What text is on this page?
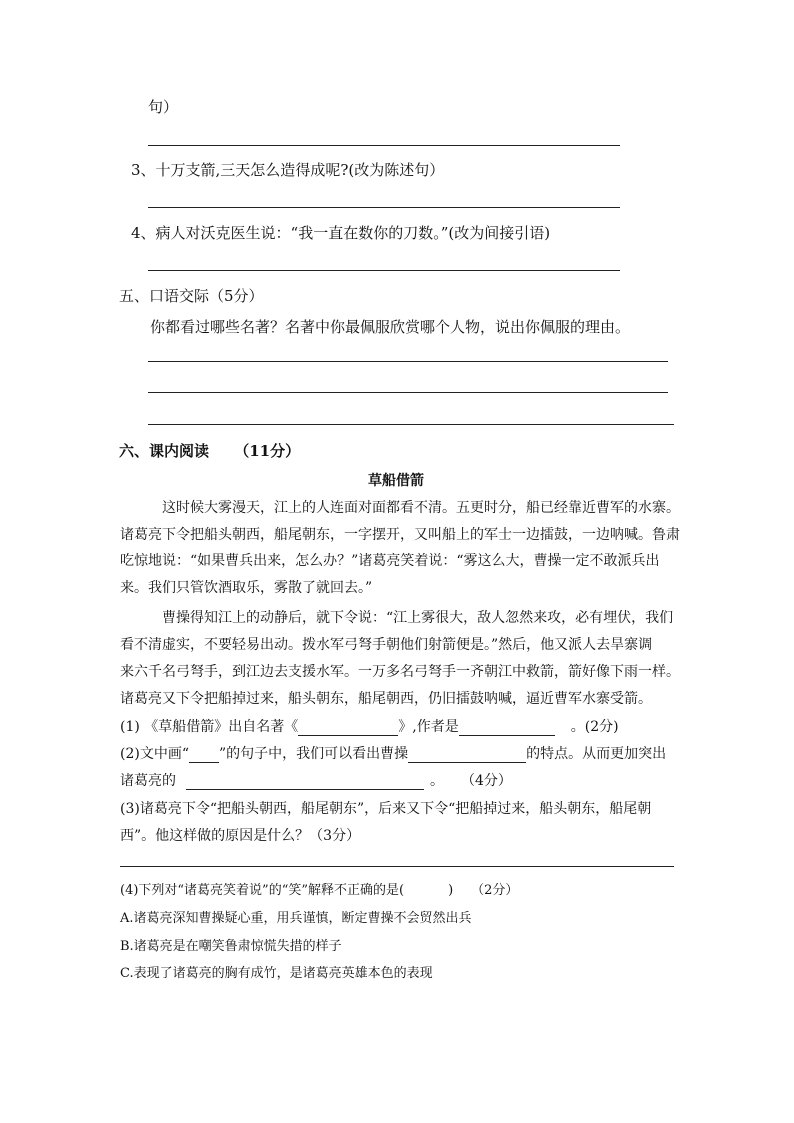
句）
3、十万支箭,三天怎么造得成呢?(改为陈述句）
4、病人对沃克医生说：“我一直在数你的刀数。”(改为间接引语)
五、口语交际（5分）
你都看过哪些名著？名著中你最佩服欣赏哪个人物，说出你佩服的理由。
六、课内阅读 （11分）
草船借箭
这时候大雾漫天，江上的人连面对面都看不清。五更时分，船已经靠近曹军的水寨。
诸葛亮下令把船头朝西，船尾朝东，一字摆开，又叫船上的军士一边擂鼓，一边呐喊。鲁肃
吃惊地说：“如果曹兵出来，怎么办？”诸葛亮笑着说：“雾这么大，曹操一定不敢派兵出
来。我们只管饮酒取乐，雾散了就回去。”
曹操得知江上的动静后，就下令说：“江上雾很大，敌人忽然来攻，必有埋伏，我们
看不清虚实，不要轻易出动。拨水军弓弩手朝他们射箭便是。”然后，他又派人去旱寨调
来六千名弓弩手，到江边去支援水军。一万多名弓弩手一齐朝江中救箭，箭好像下雨一样。
诸葛亮又下令把船掉过来，船头朝东，船尾朝西，仍旧擂鼓呐喊，逼近曹军水寨受箭。
(1) 《草船借箭》出自名著《	》,作者是	。(2分)
(2)文中画“ ”的句子中，我们可以看出曹操	的特点。从而更加突出
诸葛亮的	。 （4分）
(3)诸葛亮下令“把船头朝西，船尾朝东”，后来又下令“把船掉过来，船头朝东，船尾朝
西”。他这样做的原因是什么？（3分）
(4)下列对“诸葛亮笑着说”的“笑”解释不正确的是(	) （2分）
A.诸葛亮深知曹操疑心重，用兵谨慎，断定曹操不会贸然出兵
B.诸葛亮是在嘲笑鲁肃惊慌失措的样子
C.表现了诸葛亮的胸有成竹，是诸葛亮英雄本色的表现
